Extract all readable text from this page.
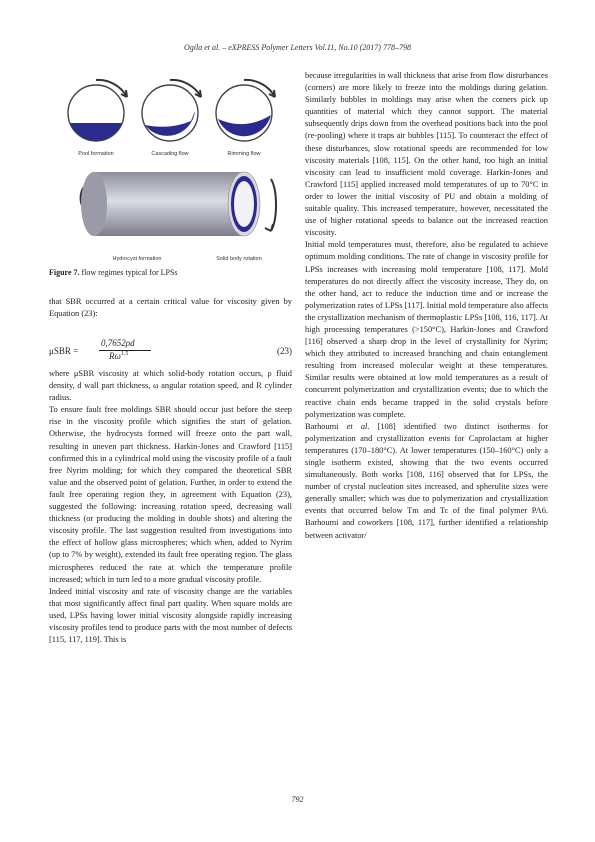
Ogila et al. – eXPRESS Polymer Letters Vol.11, No.10 (2017) 778–798
Pool formation	Cascading flow	Rimming flow
Hydrocyst formation	Solid body rotation
Figure 7. flow regimes typical for LPSs

that SBR occurred at a certain critical value for viscosity given by Equation (23):

μSBR =
0,7652ρd
$R\omega^{1.5}$	(23)

where μSBR viscosity at which solid-body rotation occurs, ρ fluid density, d wall part thickness, ω angular rotation speed, and R cylinder radius.

To ensure fault free moldings SBR should occur just before the steep rise in the viscosity profile which signifies the start of gelation. Otherwise, the hydrocysts formed will freeze onto the part wall, resulting in uneven part thickness. Harkin-Jones and Crawford [115] confirmed this in a cylindrical mold using the viscosity profile of a fault free Nyrim molding; for which they compared the theoretical SBR value and the observed point of gelation. Further, in order to extend the fault free operating region they, in agreement with Equation (23), suggested the following: increasing rotation speed, decreasing wall thickness (or producing the molding in double shots) and altering the viscosity profile. The last suggestion resulted from investigations into the effect of hollow glass microspheres; which when, added to Nyrim (up to 7% by weight), extended its fault free operating region. The glass microspheres reduced the rate at which the temperature profile increased; which in turn led to a more gradual viscosity profile.

Indeed initial viscosity and rate of viscosity change are the variables that most significantly affect final part quality. When square molds are used, LPSs having lower initial viscosity alongside rapidly increasing viscosity profiles tend to produce parts with the most number of defects [115, 117, 119]. This is

because irregularities in wall thickness that arise from flow disturbances (corners) are more likely to freeze into the moldings during gelation. Similarly bubbles in moldings may arise when the corners pick up quantities of material which they cannot support. The material subsequently drips down from the overhead positions back into the pool (re-pooling) where it traps air bubbles [115]. To counteract the effect of these disturbances, slow rotational speeds are recommended for low viscosity materials [108, 115]. On the other hand, too high an initial viscosity can lead to insufficient mold coverage. Harkin-Jones and Crawford [115] applied increased mold temperatures of up to 70°C in order to lower the initial viscosity of PU and obtain a molding of suitable quality. This increased temperature, however, necessitated the use of higher rotational speeds to balance out the increased reaction viscosity.

Initial mold temperatures must, therefore, also be regulated to achieve optimum molding conditions. The rate of change in viscosity profile for LPSs increases with increasing mold temperature [108, 117]. Mold temperatures do not directly affect the viscosity increase, They do, on the other hand, act to reduce the induction time and or increase the polymerization rates of LPSs [117]. Initial mold temperature also affects the crystallization mechanism of thermoplastic LPSs [108, 116, 117]. At high processing temperatures (>150°C), Harkin-Jones and Crawford [116] observed a sharp drop in the level of crystallinity for Nyrim; which they attributed to increased branching and chain entanglement resulting from increased molecular weight at these temperatures. Similar results were obtained at low mold temperatures as a result of concurrent polymerization and crystallization events; due to which the reactive chain ends became trapped in the solid crystals before polymerization was complete.

Barhoumi et al. [108] identified two distinct isotherms for polymerization and crystallization events for Caprolactam at higher temperatures (170–180°C). At lower temperatures (150–160°C) only a single isotherm existed, showing that the two events occurred simultaneously. Both works [108, 116] observed that for LPSs, the number of crystal nucleation sites increased, and spherulite sizes were generally smaller; which was due to polymerization and crystallization events that occurred below Tm and Tc of the final polymer PA6. Barhoumi and coworkers [108, 117], further identified a relationship between activator/

792
